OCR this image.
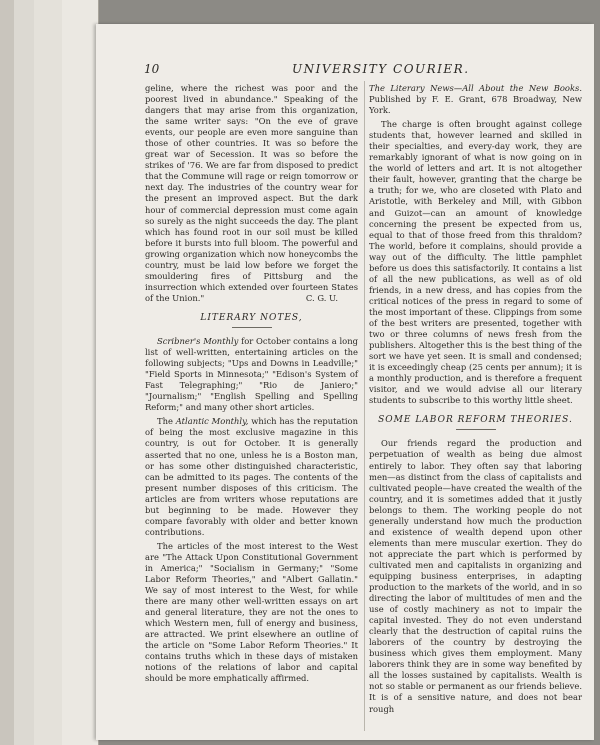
10	UNIVERSITY COURIER.

geline, where the richest was poor and the poorest lived in abundance." Speaking of the dangers that may arise from this organization, the same writer says: "On the eve of grave events, our people are even more sanguine than those of other countries. It was so before the great war of Secession. It was so before the strikes of '76. We are far from disposed to predict that the Commune will rage or reign tomorrow or next day. The industries of the country wear for the present an improved aspect. But the dark hour of commercial depression must come again so surely as the night succeeds the day. The plant which has found root in our soil must be killed before it bursts into full bloom. The powerful and growing organization which now honeycombs the country, must be laid low before we forget the smouldering fires of Pittsburg and the insurrection which extended over fourteen States of the Union."	C. G. U.
LITERARY NOTES,

Scribner's Monthly for October contains a long list of well-written, entertaining articles on the following subjects; "Ups and Downs in Leadville;" "Field Sports in Minnesota;" "Edison's System of Fast Telegraphing;" "Rio de Janiero;" "Journalism;" "English Spelling and Spelling Reform;" and many other short articles.

The Atlantic Monthly, which has the reputation of being the most exclusive magazine in this country, is out for October. It is generally asserted that no one, unless he is a Boston man, or has some other distinguished characteristic, can be admitted to its pages. The contents of the present number disposes of this criticism. The articles are from writers whose reputations are but beginning to be made. However they compare favorably with older and better known contributions.

The articles of the most interest to the West are "The Attack Upon Constitutional Government in America;" "Socialism in Germany;" "Some Labor Reform Theories," and "Albert Gallatin." We say of most interest to the West, for while there are many other well-written essays on art and general literature, they are not the ones to which Western men, full of energy and business, are attracted. We print elsewhere an outline of the article on "Some Labor Reform Theories." It contains truths which in these days of mistaken notions of the relations of labor and capital should be more emphatically affirmed.

The Literary News—All About the New Books. Published by F. E. Grant, 678 Broadway, New York.

The charge is often brought against college students that, however learned and skilled in their specialties, and every-day work, they are remarkably ignorant of what is now going on in the world of letters and art. It is not altogether their fault, however, granting that the charge be a truth; for we, who are closeted with Plato and Aristotle, with Berkeley and Mill, with Gibbon and Guizot—can an amount of knowledge concerning the present be expected from us, equal to that of those freed from this thraldom? The world, before it complains, should provide a way out of the difficulty. The little pamphlet before us does this satisfactorily. It contains a list of all the new publications, as well as of old friends, in a new dress, and has copies from the critical notices of the press in regard to some of the most important of these. Clippings from some of the best writers are presented, together with two or three columns of news fresh from the publishers. Altogether this is the best thing of the sort we have yet seen. It is small and condensed; it is exceedingly cheap (25 cents per annum); it is a monthly production, and is therefore a frequent visitor, and we would advise all our literary students to subscribe to this worthy little sheet.

SOME LABOR REFORM THEORIES.

Our friends regard the production and perpetuation of wealth as being due almost entirely to labor. They often say that laboring men—as distinct from the class of capitalists and cultivated people—have created the wealth of the country, and it is sometimes added that it justly belongs to them. The working people do not generally understand how much the production and existence of wealth depend upon other elements than mere muscular exertion. They do not appreciate the part which is performed by cultivated men and capitalists in organizing and equipping business enterprises, in adapting production to the markets of the world, and in so directing the labor of multitudes of men and the use of costly machinery as not to impair the capital invested. They do not even understand clearly that the destruction of capital ruins the laborers of the country by destroying the business which gives them employment. Many laborers think they are in some way benefited by all the losses sustained by capitalists. Wealth is not so stable or permanent as our friends believe. It is of a sensitive nature, and does not bear rough
